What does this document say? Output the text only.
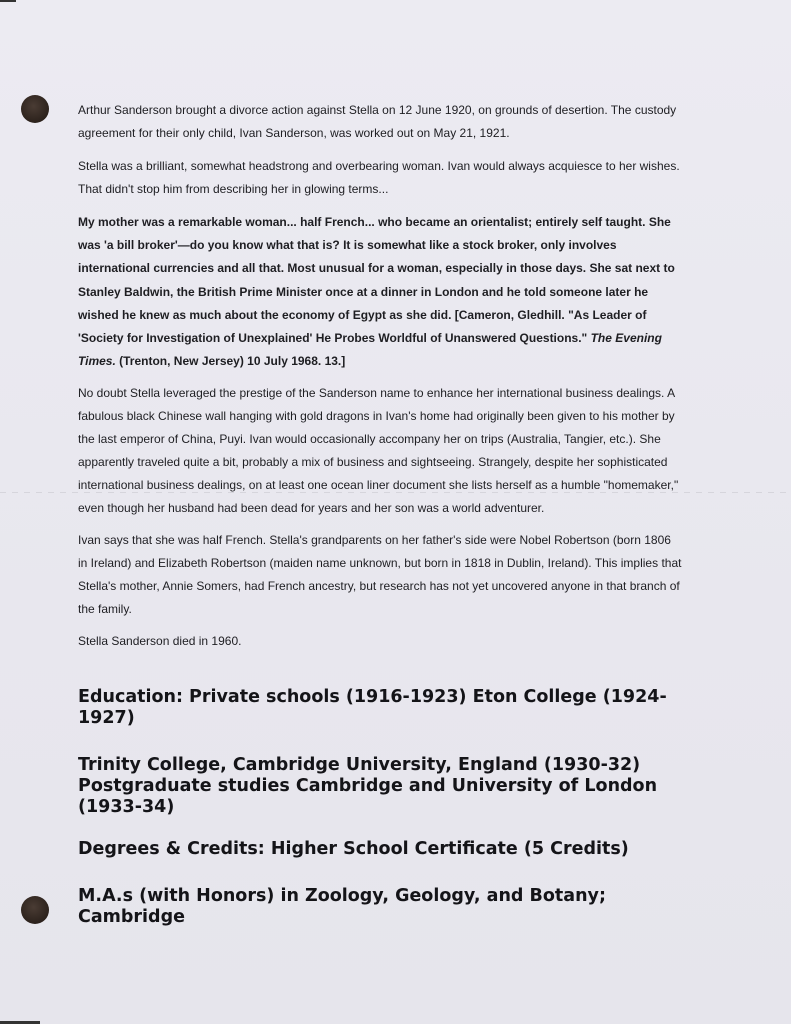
Arthur Sanderson brought a divorce action against Stella on 12 June 1920, on grounds of desertion. The custody agreement for their only child, Ivan Sanderson, was worked out on May 21, 1921.

Stella was a brilliant, somewhat headstrong and overbearing woman. Ivan would always acquiesce to her wishes. That didn't stop him from describing her in glowing terms...

My mother was a remarkable woman... half French... who became an orientalist; entirely self taught. She was 'a bill broker'—do you know what that is? It is somewhat like a stock broker, only involves international currencies and all that. Most unusual for a woman, especially in those days. She sat next to Stanley Baldwin, the British Prime Minister once at a dinner in London and he told someone later he wished he knew as much about the economy of Egypt as she did. [Cameron, Gledhill. "As Leader of 'Society for Investigation of Unexplained' He Probes Worldful of Unanswered Questions." The Evening Times. (Trenton, New Jersey) 10 July 1968. 13.]

No doubt Stella leveraged the prestige of the Sanderson name to enhance her international business dealings. A fabulous black Chinese wall hanging with gold dragons in Ivan's home had originally been given to his mother by the last emperor of China, Puyi. Ivan would occasionally accompany her on trips (Australia, Tangier, etc.). She apparently traveled quite a bit, probably a mix of business and sightseeing. Strangely, despite her sophisticated international business dealings, on at least one ocean liner document she lists herself as a humble "homemaker," even though her husband had been dead for years and her son was a world adventurer.

Ivan says that she was half French. Stella's grandparents on her father's side were Nobel Robertson (born 1806 in Ireland) and Elizabeth Robertson (maiden name unknown, but born in 1818 in Dublin, Ireland). This implies that Stella's mother, Annie Somers, had French ancestry, but research has not yet uncovered anyone in that branch of the family.

Stella Sanderson died in 1960.

Education: Private schools (1916-1923) Eton College (1924-1927)
Trinity College, Cambridge University, England (1930-32) Postgraduate studies Cambridge and University of London (1933-34)
Degrees & Credits: Higher School Certificate (5 Credits)
M.A.s (with Honors) in Zoology, Geology, and Botany; Cambridge
